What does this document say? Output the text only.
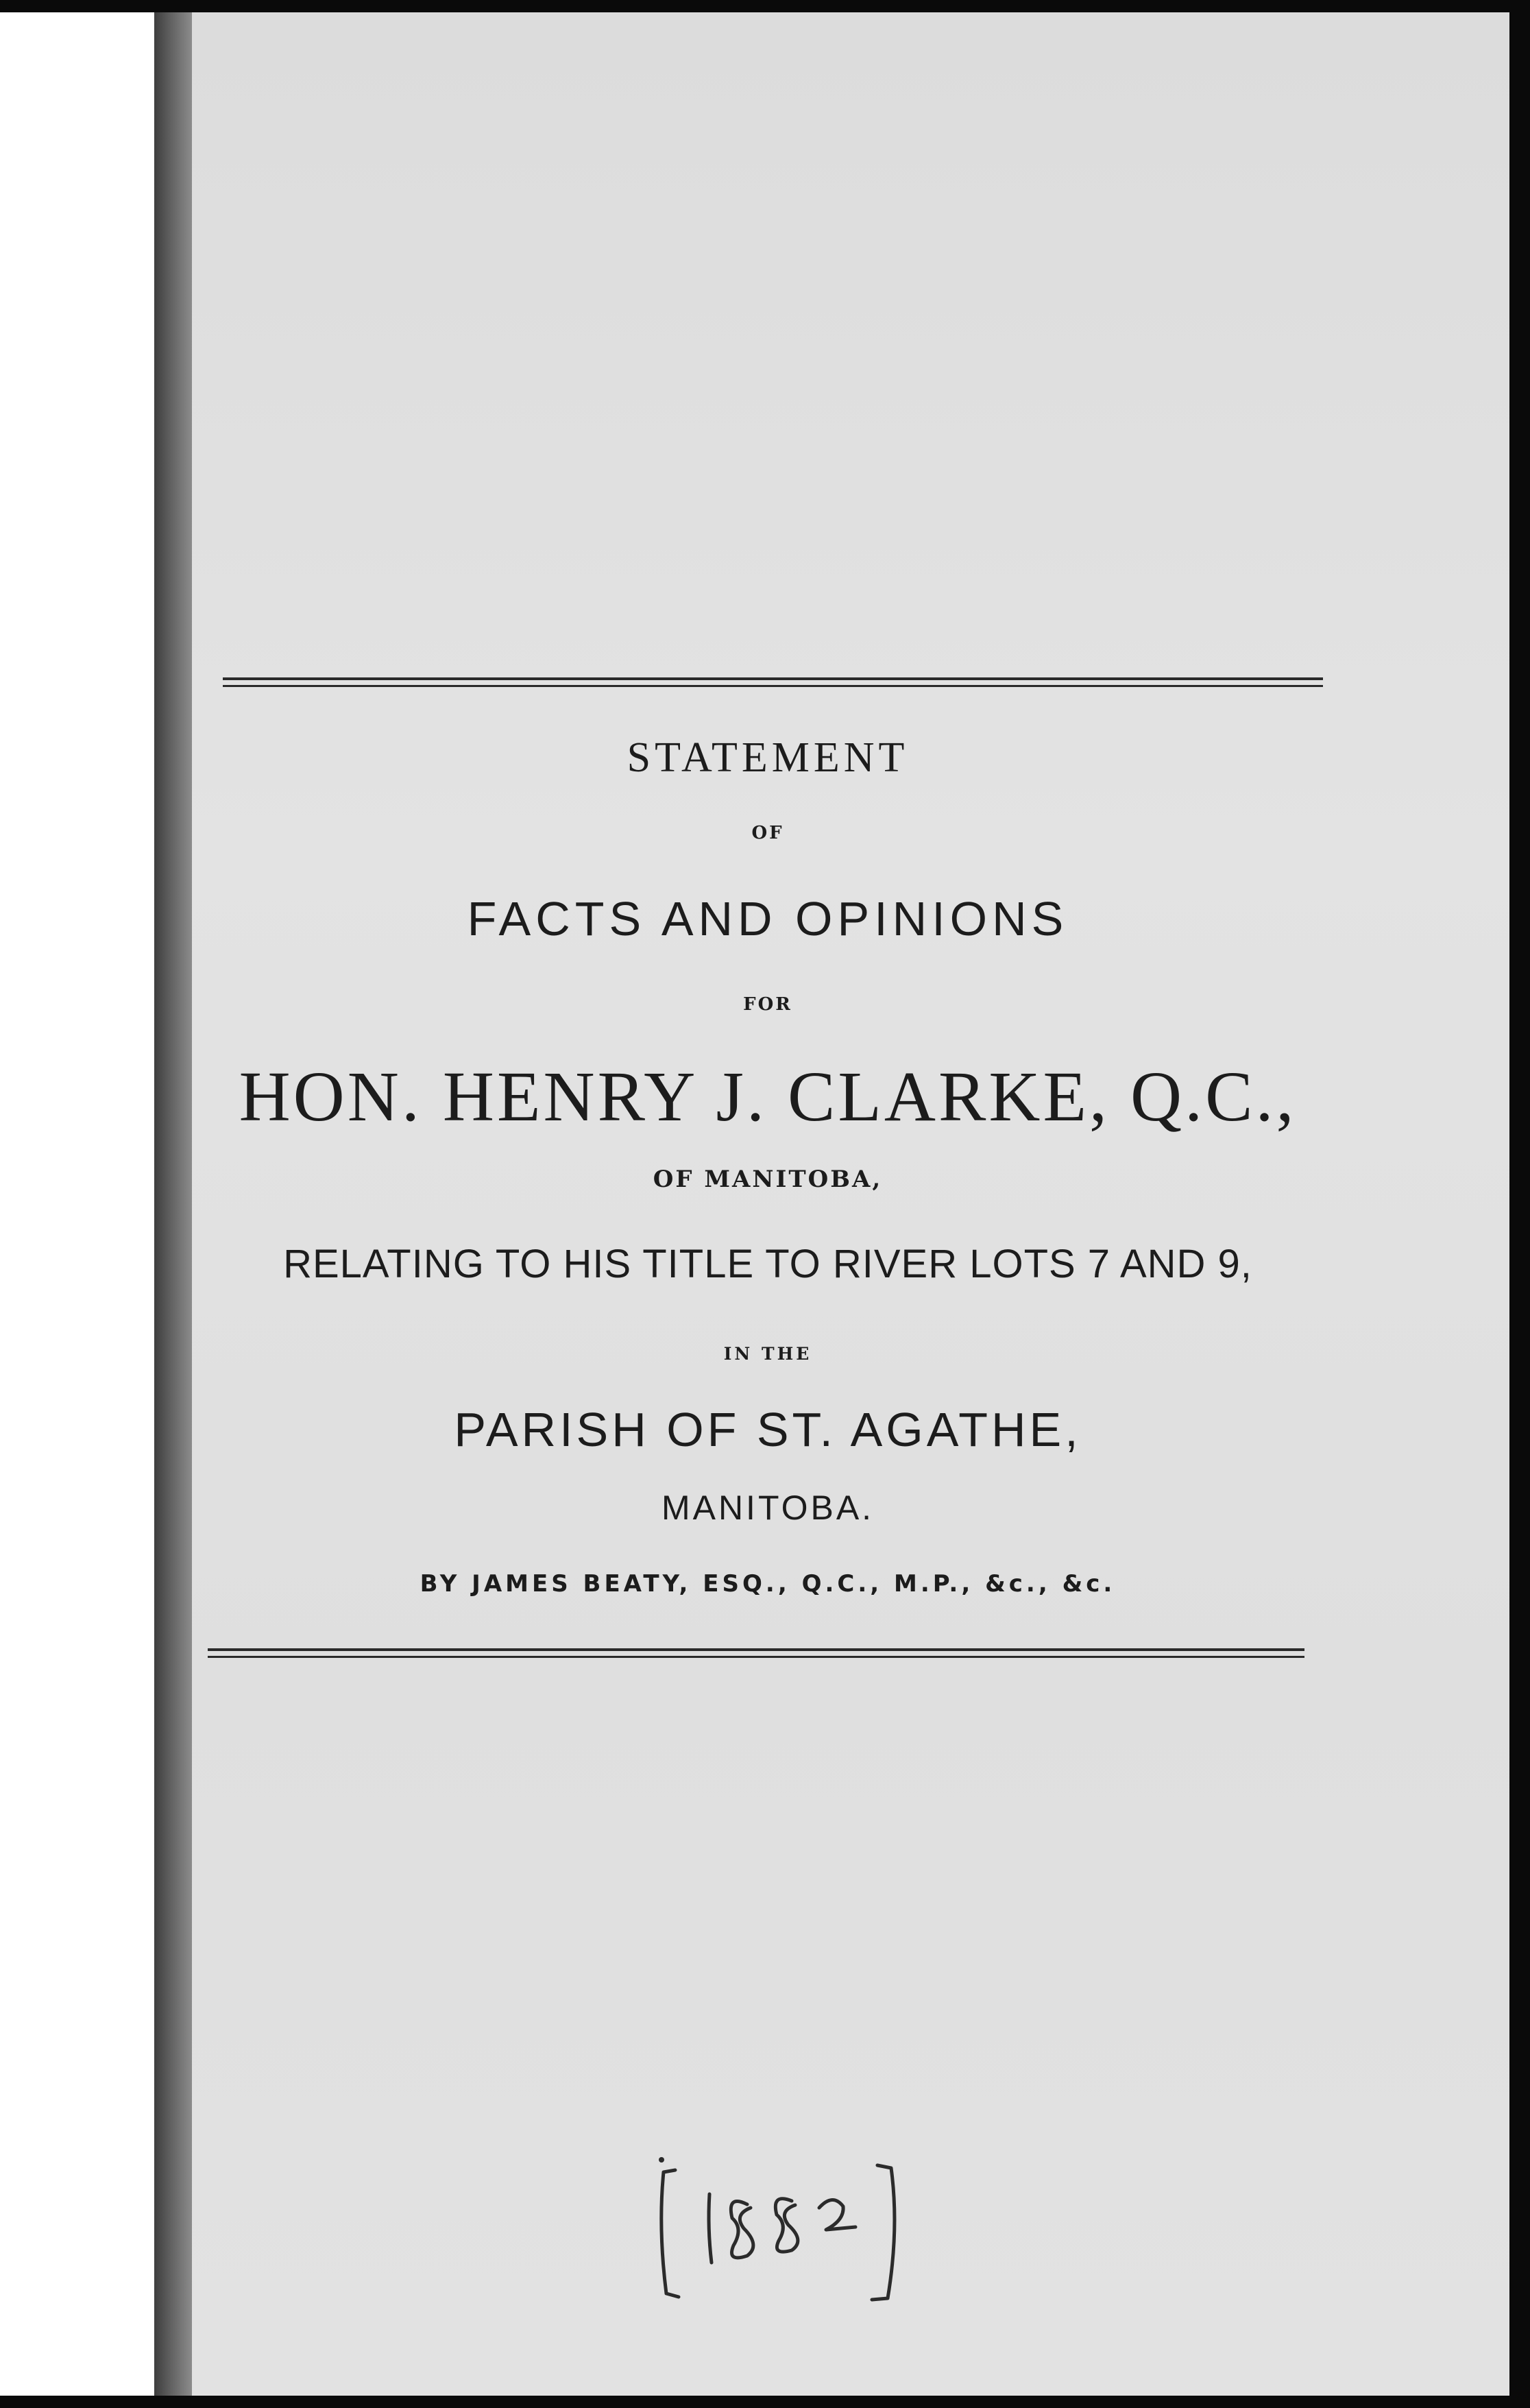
STATEMENT
OF
FACTS AND OPINIONS
FOR
HON. HENRY J. CLARKE, Q.C.,
OF MANITOBA,
RELATING TO HIS TITLE TO RIVER LOTS 7 AND 9,
IN THE
PARISH OF ST. AGATHE,
MANITOBA.
BY JAMES BEATY, ESQ., Q.C., M.P., &c., &c.
